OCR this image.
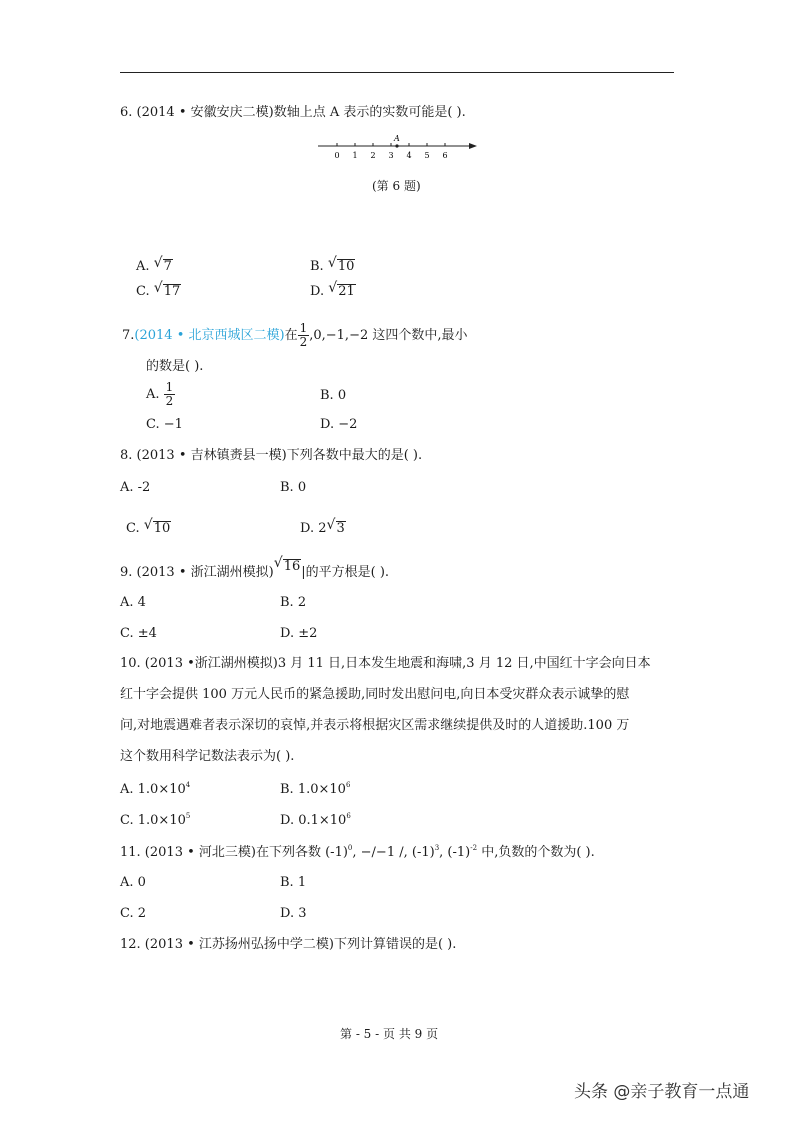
6. (2014 • 安徽安庆二模)数轴上点 A 表示的实数可能是( ).
A
0 1 2 3 4 5 6
(第 6 题)
A. √ 7	B. √ 10
C. √ 17	D. √ 21
7.(2014 • 北京西城区二模)在 $\frac{1}{2} ,0,-1,-2$ 这四个数中,最小
的数是( ).
A. $\frac{1}{2}$	B. 0
C. −1	D. −2
8. (2013 • 吉林镇赉县一模)下列各数中最大的是( ).
A. -2	B. 0
C. √ 10	D. 2 √ 3
9. (2013 • 浙江湖州模拟)
√ 16|的平方根是( ).
A. 4	B. 2
C. ±4	D. ±2
10. (2013 •浙江湖州模拟)3 月 11 日,日本发生地震和海啸,3 月 12 日,中国红十字会向日本
红十字会提供 100 万元人民币的紧急援助,同时发出慰问电,向日本受灾群众表示诚挚的慰
问,对地震遇难者表示深切的哀悼,并表示将根据灾区需求继续提供及时的人道援助.100 万
这个数用科学记数法表示为( ).
A. $1.0\times 10^4$	B. $1.0\times 10^6$
C. $1.0\times 10^5$	D. $0.1\times 10^6$
11. (2013 • 河北三模)在下列各数 $(-1)^0$, −/−1 /, $(-1)^3$, $(-1)^{-2}$ 中,负数的个数为( ).
A. 0	B. 1
C. 2	D. 3
12. (2013 • 江苏扬州弘扬中学二模)下列计算错误的是( ).
第 - 5 - 页 共 9 页
头条 @亲子教育一点通
